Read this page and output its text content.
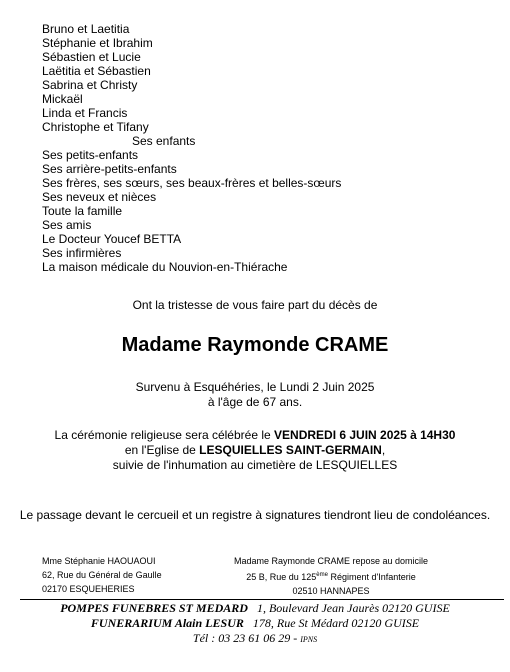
Bruno et Laetitia
Stéphanie et Ibrahim
Sébastien et Lucie
Laëtitia et Sébastien
Sabrina et Christy
Mickaël
Linda et Francis
Christophe et Tifany
Ses enfants
Ses petits-enfants
Ses arrière-petits-enfants
Ses frères, ses sœurs, ses beaux-frères et belles-sœurs
Ses neveux et nièces
Toute la famille
Ses amis
Le Docteur Youcef BETTA
Ses infirmières
La maison médicale du Nouvion-en-Thiérache
Ont la tristesse de vous faire part du décès de
Madame Raymonde CRAME
Survenu à Esquéhéries, le Lundi 2 Juin 2025
à l'âge de 67 ans.
La cérémonie religieuse sera célébrée le VENDREDI 6 JUIN 2025 à 14H30
en l'Eglise de LESQUIELLES SAINT-GERMAIN,
suivie de l'inhumation au cimetière de LESQUIELLES
Le passage devant le cercueil et un registre à signatures tiendront lieu de condoléances.
Mme Stéphanie HAOUAOUI
62, Rue du Général de Gaulle
02170 ESQUEHERIES
Madame Raymonde CRAME repose au domicile
25 B, Rue du 125ème Régiment d'Infanterie
02510 HANNAPES
POMPES FUNEBRES ST MEDARD 1, Boulevard Jean Jaurès 02120 GUISE
FUNERARIUM Alain LESUR 178, Rue St Médard 02120 GUISE
Tél : 03 23 61 06 29 - IPNS
